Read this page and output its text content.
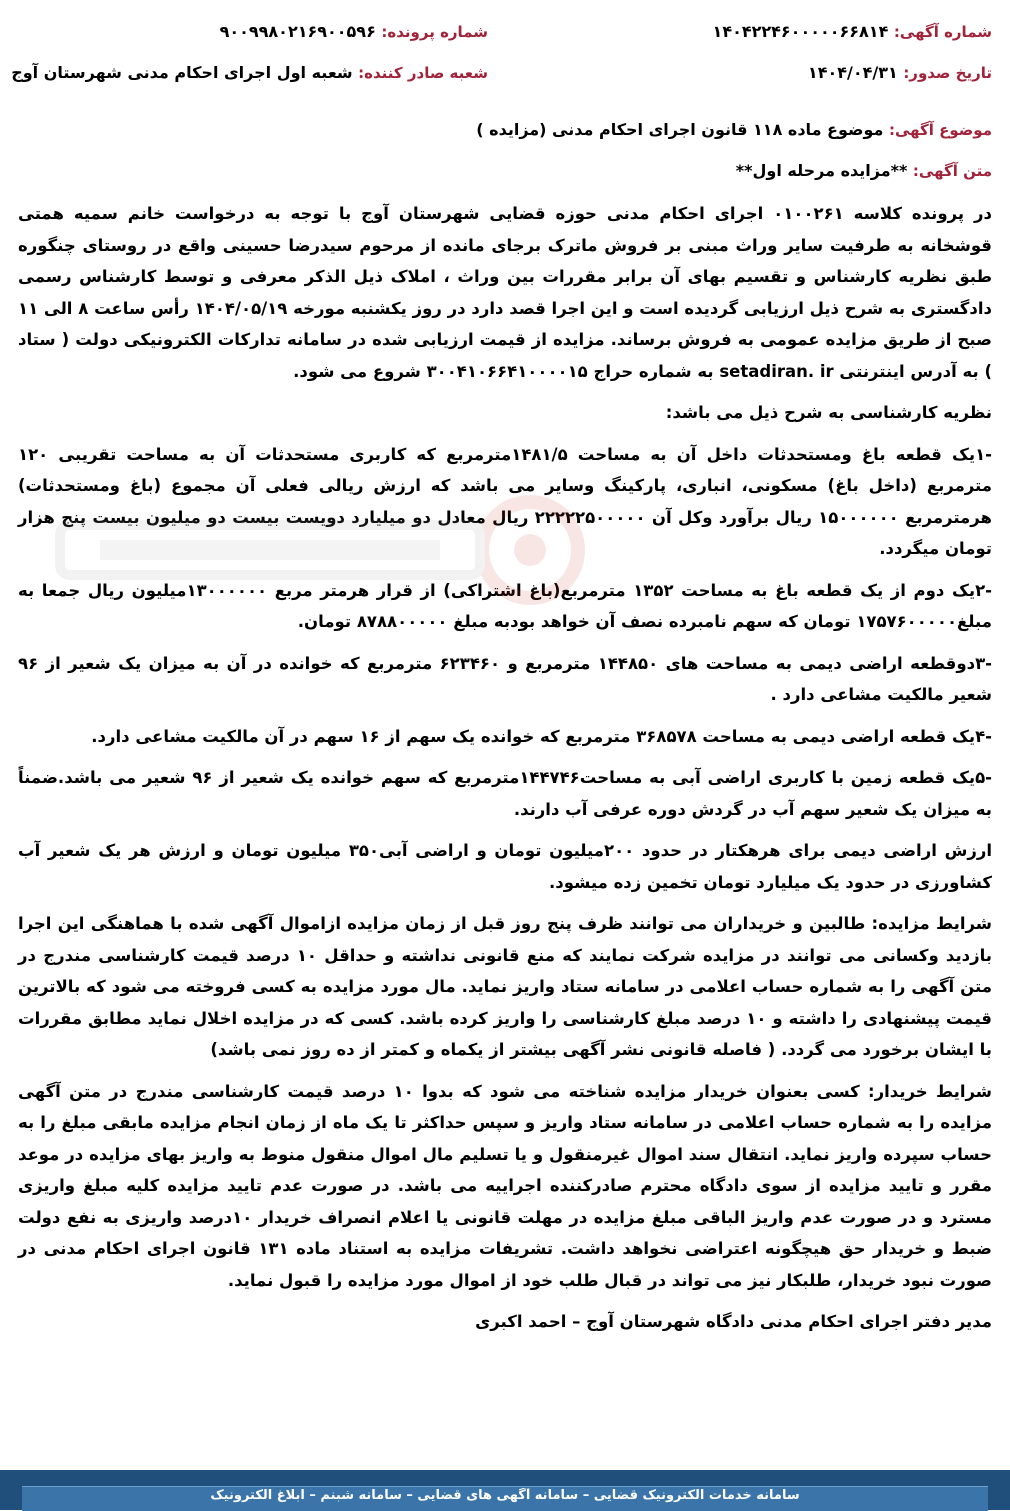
شماره آگهی: ۱۴۰۴۲۲۴۶۰۰۰۰۰۶۶۸۱۴
شماره پرونده: ۹۰۰۹۹۸۰۲۱۶۹۰۰۵۹۶
تاریخ صدور: ۱۴۰۴/۰۴/۳۱
شعبه صادر کننده: شعبه اول اجرای احکام مدنی شهرستان آوج
موضوع آگهی: موضوع ماده ۱۱۸ قانون اجرای احکام مدنی (مزایده )
متن آگهی: **مزایده مرحله اول**

در پرونده کلاسه ۰۱۰۰۲۶۱ اجرای احکام مدنی حوزه قضایی شهرستان آوج با توجه به درخواست خانم سمیه همتی قوشخانه به طرفیت سایر وراث مبنی بر فروش ماترک برجای مانده از مرحوم سیدرضا حسینی واقع در روستای چنگوره طبق نظریه کارشناس و تقسیم بهای آن برابر مقررات بین وراث ، املاک ذیل الذکر معرفی و توسط کارشناس رسمی دادگستری به شرح ذیل ارزیابی گردیده است و این اجرا قصد دارد در روز یکشنبه مورخه ۱۴۰۴/۰۵/۱۹ رأس ساعت ۸ الی ۱۱ صبح از طریق مزایده عمومی به فروش برساند. مزایده از قیمت ارزیابی شده در سامانه تدارکات الکترونیکی دولت ( ستاد ) به آدرس اینترنتی setadiran. ir به شماره حراج ۳۰۰۴۱۰۶۶۴۱۰۰۰۰۱۵ شروع می شود.

نظریه کارشناسی به شرح ذیل می باشد:

-۱یک قطعه باغ ومستحدثات داخل آن به مساحت ۱۴۸۱/۵مترمربع که کاربری مستحدثات آن به مساحت تقریبی ۱۲۰ مترمربع (داخل باغ) مسکونی، انباری، پارکینگ وسایر می باشد که ارزش ریالی فعلی آن مجموع (باغ ومستحدثات) هرمترمربع ۱۵۰۰۰۰۰۰ ریال برآورد وکل آن ۲۲۲۲۲۵۰۰۰۰۰ ریال معادل دو میلیارد دویست بیست دو میلیون بیست پنج هزار تومان میگردد.

-۲یک دوم از یک قطعه باغ به مساحت ۱۳۵۲ مترمربع(باغ اشتراکی) از قرار هرمتر مربع ۱۳۰۰۰۰۰۰میلیون ریال جمعا به مبلغ۱۷۵۷۶۰۰۰۰۰ تومان که سهم نامبرده نصف آن خواهد بودبه مبلغ ۸۷۸۸۰۰۰۰۰ تومان.

-۳دوقطعه اراضی دیمی به مساحت های ۱۴۴۸۵۰ مترمربع و ۶۲۳۴۶۰ مترمربع که خوانده در آن به میزان یک شعیر از ۹۶ شعیر مالکیت مشاعی دارد .

-۴یک قطعه اراضی دیمی به مساحت ۳۶۸۵۷۸ مترمربع که خوانده یک سهم از ۱۶ سهم در آن مالکیت مشاعی دارد.

-۵یک قطعه زمین با کاربری اراضی آبی به مساحت۱۴۴۷۴۶مترمربع که سهم خوانده یک شعیر از ۹۶ شعیر می باشد.ضمناً به میزان یک شعیر سهم آب در گردش دوره عرفی آب دارند.

ارزش اراضی دیمی برای هرهکتار در حدود ۲۰۰میلیون تومان و اراضی آبی۳۵۰ میلیون تومان و ارزش هر یک شعیر آب کشاورزی در حدود یک میلیارد تومان تخمین زده میشود.

شرایط مزایده: طالبین و خریداران می توانند ظرف پنج روز قبل از زمان مزایده ازاموال آگهی شده با هماهنگی این اجرا بازدید وکسانی می توانند در مزایده شرکت نمایند که منع قانونی نداشته و حداقل ۱۰ درصد قیمت کارشناسی مندرج در متن آگهی را به شماره حساب اعلامی در سامانه ستاد واریز نماید. مال مورد مزایده به کسی فروخته می شود که بالاترین قیمت پیشنهادی را داشته و ۱۰ درصد مبلغ کارشناسی را واریز کرده باشد. کسی که در مزایده اخلال نماید مطابق مقررات با ایشان برخورد می گردد. ( فاصله قانونی نشر آگهی بیشتر از یکماه و کمتر از ده روز نمی باشد)

شرایط خریدار: کسی بعنوان خریدار مزایده شناخته می شود که بدوا ۱۰ درصد قیمت کارشناسی مندرج در متن آگهی مزایده را به شماره حساب اعلامی در سامانه ستاد واریز و سپس حداکثر تا یک ماه از زمان انجام مزایده مابقی مبلغ را به حساب سپرده واریز نماید. انتقال سند اموال غیرمنقول و یا تسلیم مال اموال منقول منوط به واریز بهای مزایده در موعد مقرر و تایید مزایده از سوی دادگاه محترم صادرکننده اجراییه می باشد. در صورت عدم تایید مزایده کلیه مبلغ واریزی مسترد و در صورت عدم واریز الباقی مبلغ مزایده در مهلت قانونی یا اعلام انصراف خریدار ۱۰درصد واریزی به نفع دولت ضبط و خریدار حق هیچگونه اعتراضی نخواهد داشت. تشریفات مزایده به استناد ماده ۱۳۱ قانون اجرای احکام مدنی در صورت نبود خریدار، طلبکار نیز می تواند در قبال طلب خود از اموال مورد مزایده را قبول نماید.

مدیر دفتر اجرای احکام مدنی دادگاه شهرستان آوج – احمد اکبری
سامانه خدمات الکترونیک قضایی – سامانه آگهی های قضایی – سامانه شبنم – ابلاغ الکترونیک
